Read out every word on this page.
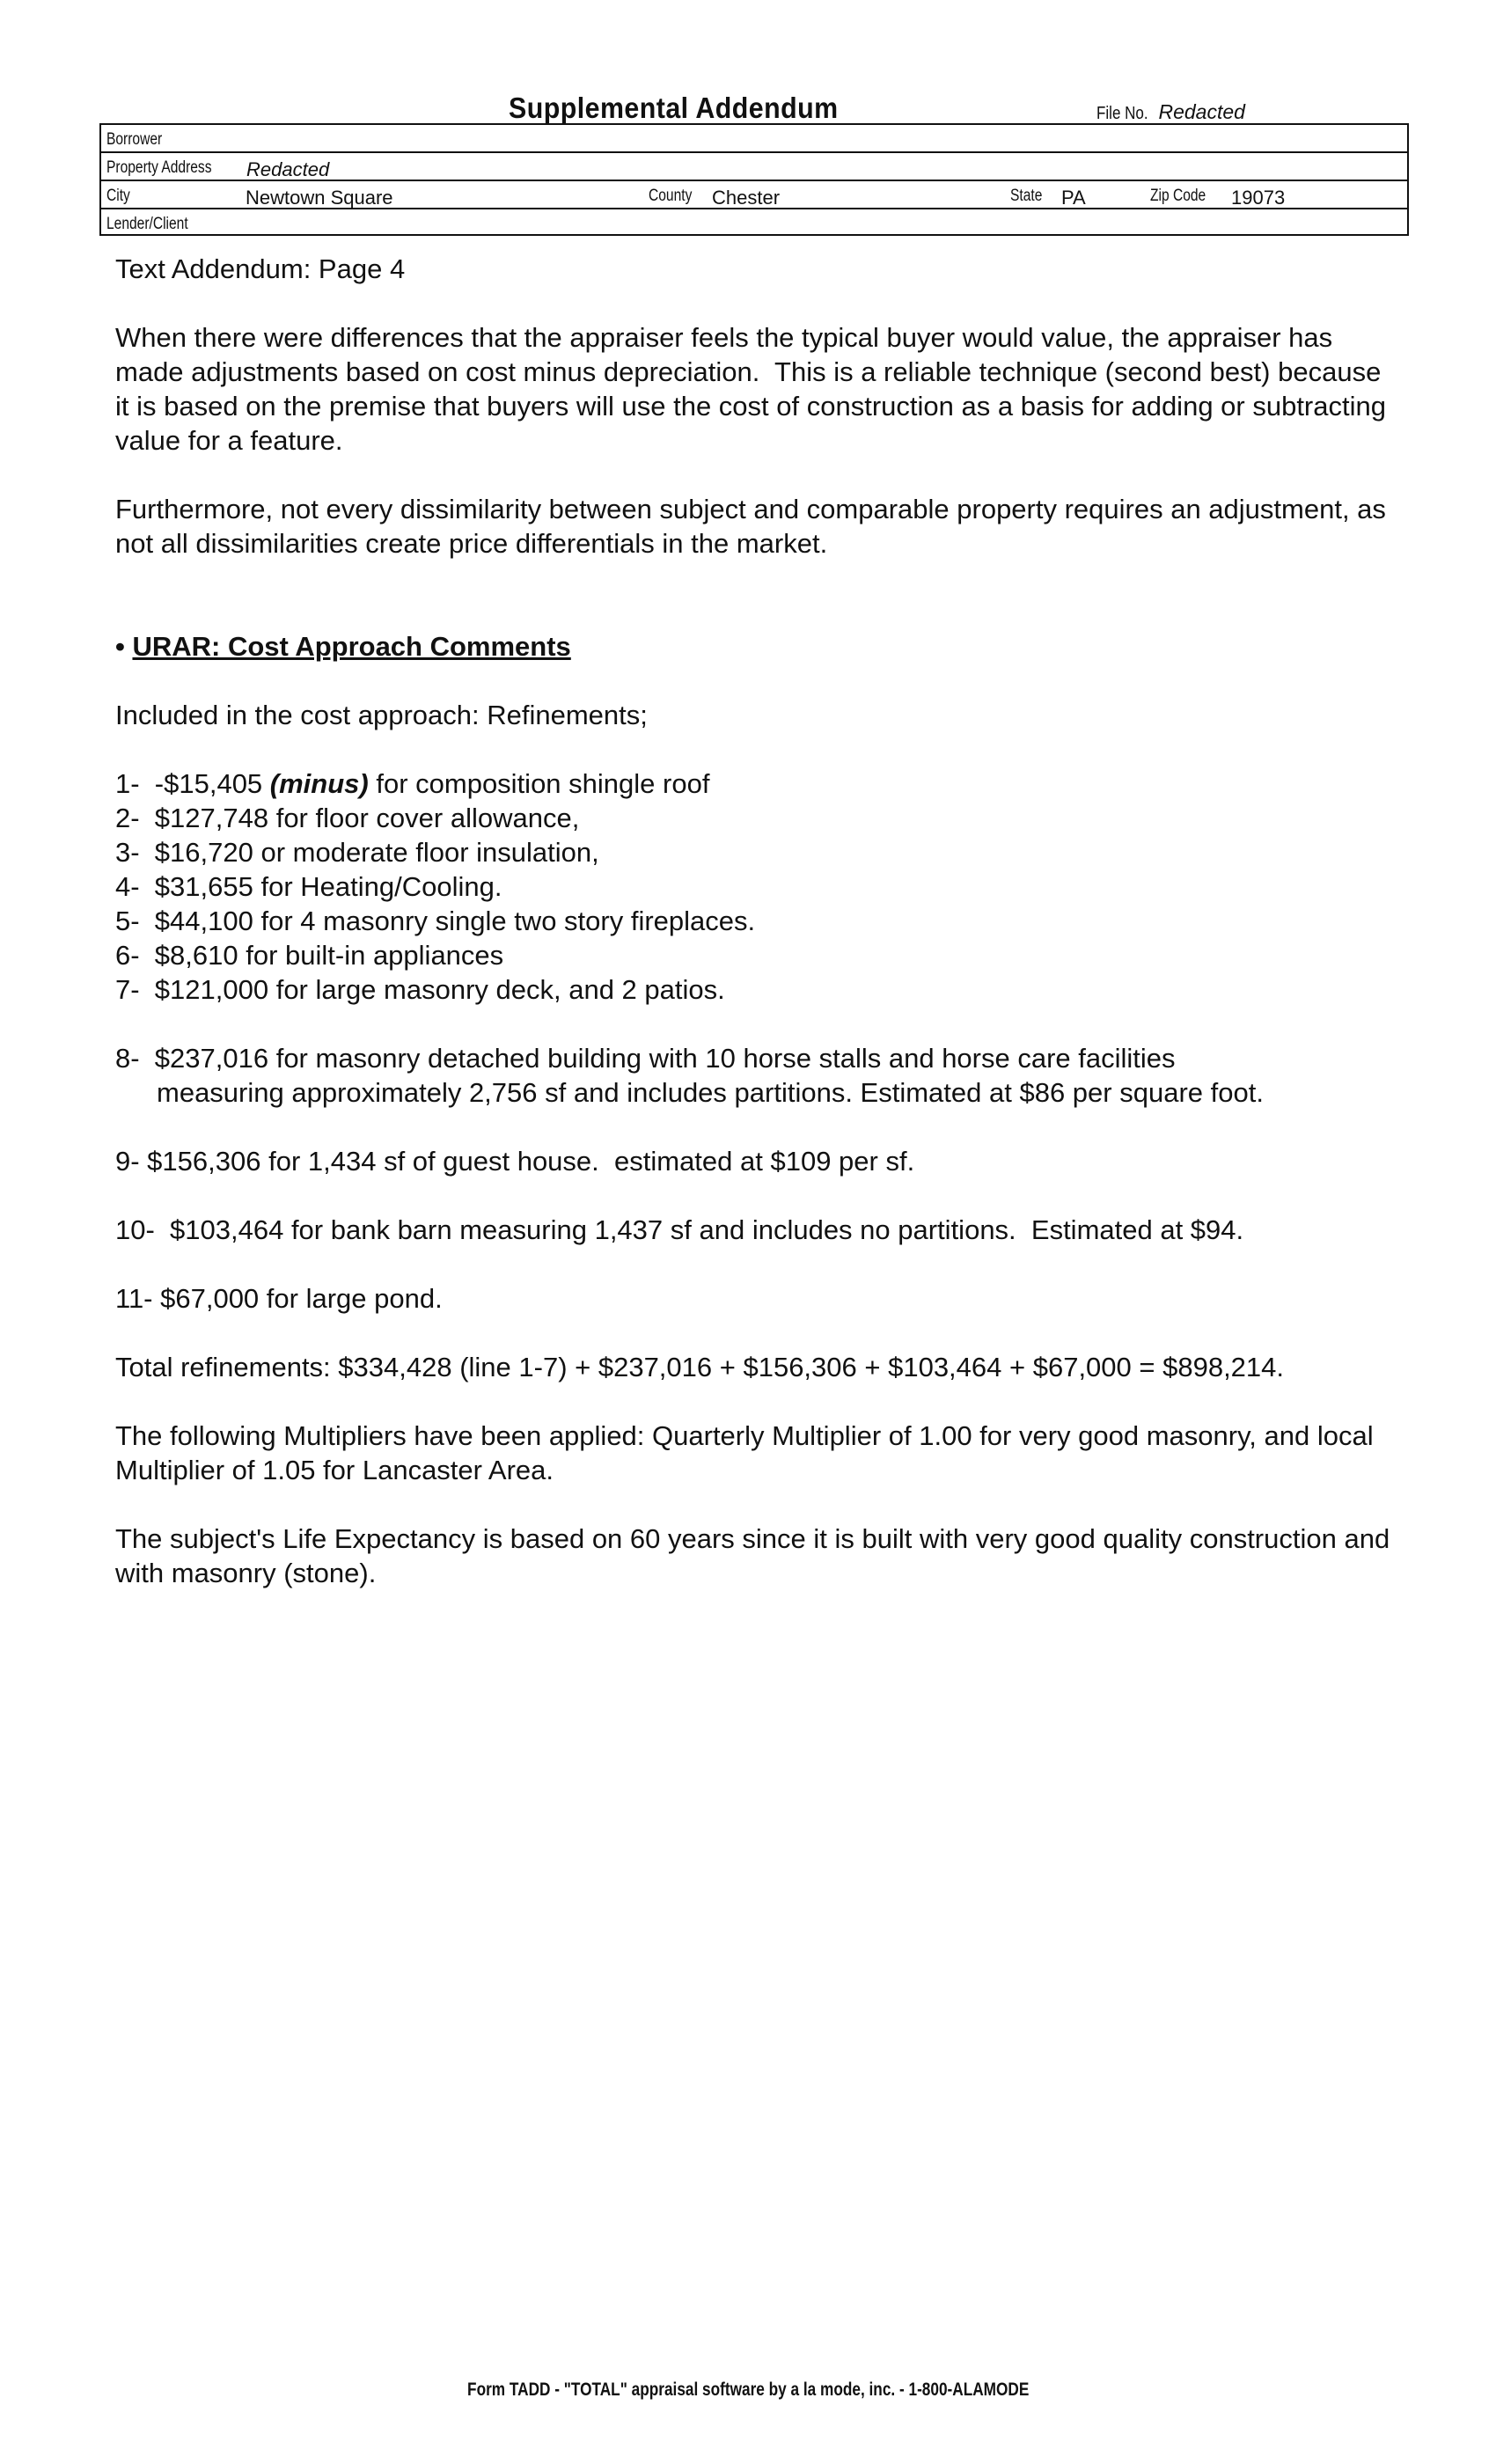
Supplemental Addendum	File No. Redacted
Borrower
Property Address Redacted
City	Newtown Square	County Chester	State PA	Zip Code 19073
Lender/Client

Text Addendum: Page 4

When there were differences that the appraiser feels the typical buyer would value, the appraiser has made adjustments based on cost minus depreciation.  This is a reliable technique (second best) because it is based on the premise that buyers will use the cost of construction as a basis for adding or subtracting value for a feature.

Furthermore, not every dissimilarity between subject and comparable property requires an adjustment, as not all dissimilarities create price differentials in the market.

• URAR: Cost Approach Comments

Included in the cost approach: Refinements;

1-  -$15,405 (minus) for composition shingle roof

2-  $127,748 for floor cover allowance,

3-  $16,720 or moderate floor insulation,

4-  $31,655 for Heating/Cooling.

5-  $44,100 for 4 masonry single two story fireplaces.

6-  $8,610 for built-in appliances

7-  $121,000 for large masonry deck, and 2 patios.

8-  $237,016 for masonry detached building with 10 horse stalls and horse care facilities

measuring approximately 2,756 sf and includes partitions. Estimated at $86 per square foot.

9- $156,306 for 1,434 sf of guest house.  estimated at $109 per sf.

10-  $103,464 for bank barn measuring 1,437 sf and includes no partitions.  Estimated at $94.

11- $67,000 for large pond.

Total refinements: $334,428 (line 1-7) + $237,016 + $156,306 + $103,464 + $67,000 = $898,214.

The following Multipliers have been applied: Quarterly Multiplier of 1.00 for very good masonry, and local Multiplier of 1.05 for Lancaster Area.

The subject's Life Expectancy is based on 60 years since it is built with very good quality construction and with masonry (stone).

Form TADD - "TOTAL" appraisal software by a la mode, inc. - 1-800-ALAMODE
